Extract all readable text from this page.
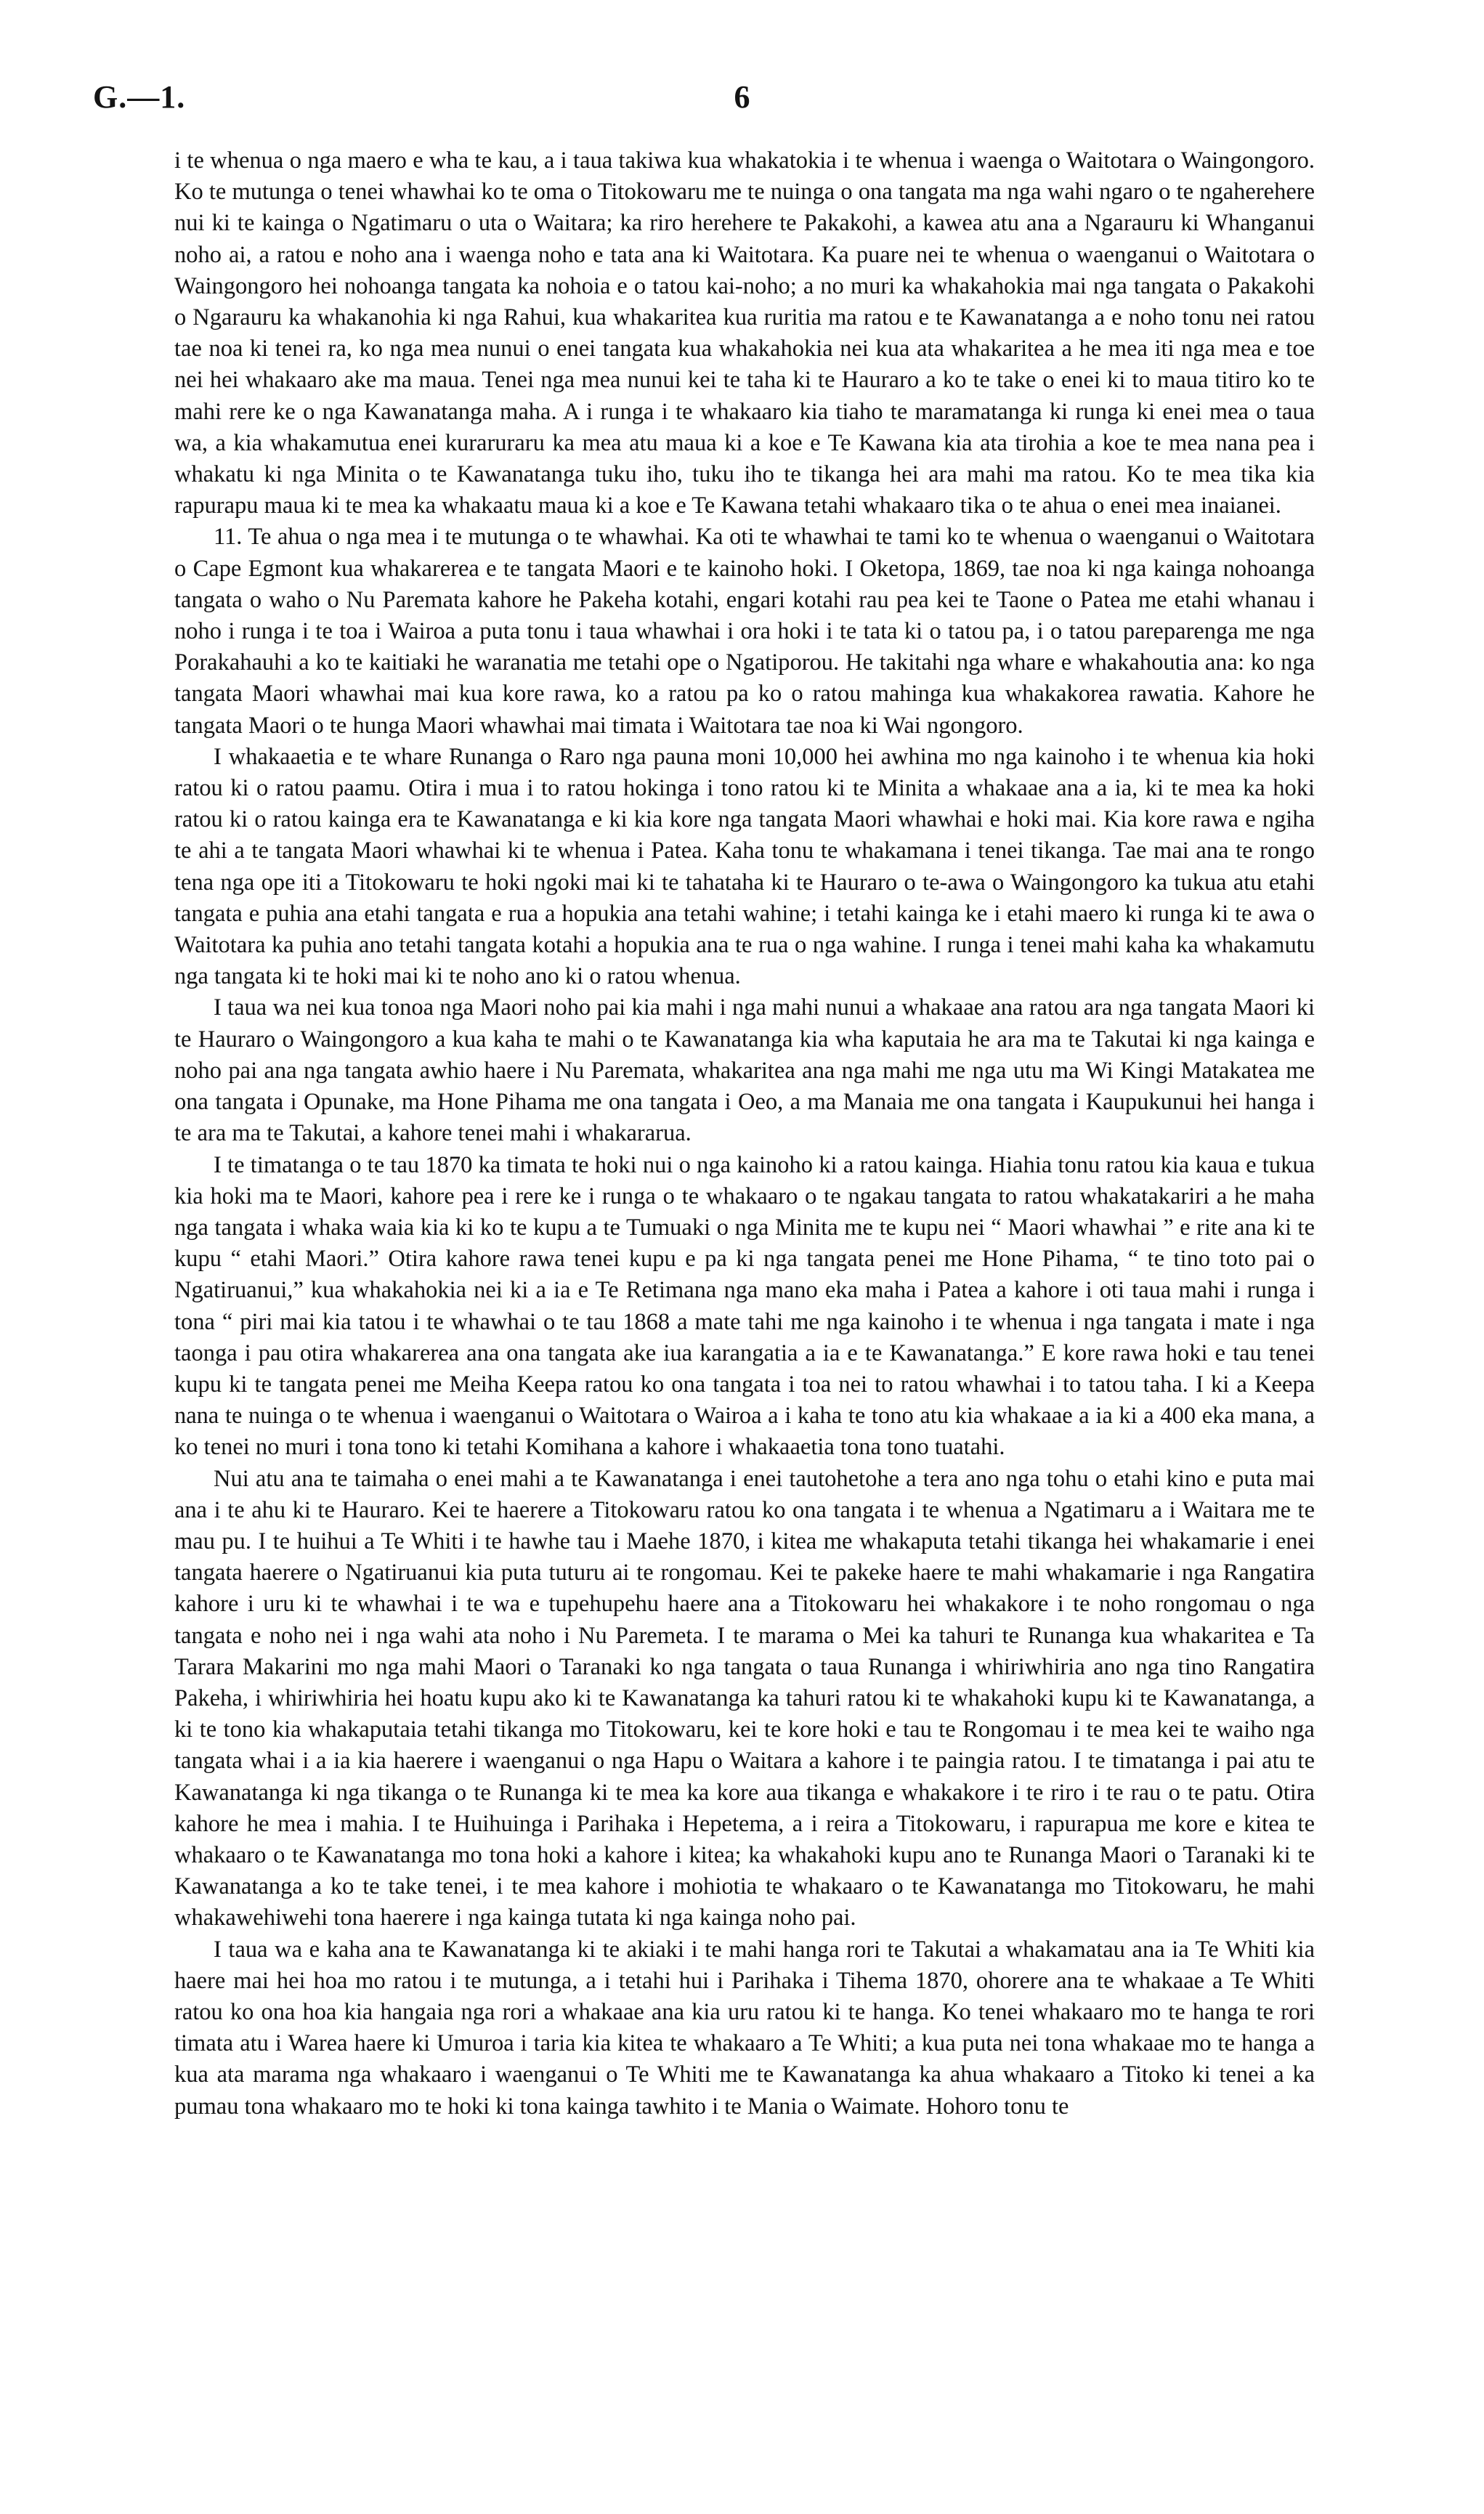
G.—1.	6

i te whenua o nga maero e wha te kau, a i taua takiwa kua whakatokia i te whenua i waenga o Waitotara o Waingongoro. Ko te mutunga o tenei whawhai ko te oma o Titokowaru me te nuinga o ona tangata ma nga wahi ngaro o te ngaherehere nui ki te kainga o Ngatimaru o uta o Waitara; ka riro herehere te Pakakohi, a kawea atu ana a Ngarauru ki Whanganui noho ai, a ratou e noho ana i waenga noho e tata ana ki Waitotara. Ka puare nei te whenua o waenganui o Waitotara o Waingongoro hei nohoanga tangata ka nohoia e o tatou kai-noho; a no muri ka whakahokia mai nga tangata o Pakakohi o Ngarauru ka whakanohia ki nga Rahui, kua whakaritea kua ruritia ma ratou e te Kawanatanga a e noho tonu nei ratou tae noa ki tenei ra, ko nga mea nunui o enei tangata kua whakahokia nei kua ata whakaritea a he mea iti nga mea e toe nei hei whakaaro ake ma maua. Tenei nga mea nunui kei te taha ki te Hauraro a ko te take o enei ki to maua titiro ko te mahi rere ke o nga Kawanatanga maha. A i runga i te whakaaro kia tiaho te maramatanga ki runga ki enei mea o taua wa, a kia whakamutua enei kuraruraru ka mea atu maua ki a koe e Te Kawana kia ata tirohia a koe te mea nana pea i whakatu ki nga Minita o te Kawanatanga tuku iho, tuku iho te tikanga hei ara mahi ma ratou. Ko te mea tika kia rapurapu maua ki te mea ka whakaatu maua ki a koe e Te Kawana tetahi whakaaro tika o te ahua o enei mea inaianei.

11. Te ahua o nga mea i te mutunga o te whawhai. Ka oti te whawhai te tami ko te whenua o waenganui o Waitotara o Cape Egmont kua whakarerea e te tangata Maori e te kainoho hoki. I Oketopa, 1869, tae noa ki nga kainga nohoanga tangata o waho o Nu Paremata kahore he Pakeha kotahi, engari kotahi rau pea kei te Taone o Patea me etahi whanau i noho i runga i te toa i Wairoa a puta tonu i taua whawhai i ora hoki i te tata ki o tatou pa, i o tatou pareparenga me nga Porakahauhi a ko te kaitiaki he waranatia me tetahi ope o Ngatiporou. He takitahi nga whare e whakahoutia ana: ko nga tangata Maori whawhai mai kua kore rawa, ko a ratou pa ko o ratou mahinga kua whakakorea rawatia. Kahore he tangata Maori o te hunga Maori whawhai mai timata i Waitotara tae noa ki Wai ngongoro.

I whakaaetia e te whare Runanga o Raro nga pauna moni 10,000 hei awhina mo nga kainoho i te whenua kia hoki ratou ki o ratou paamu. Otira i mua i to ratou hokinga i tono ratou ki te Minita a whakaae ana a ia, ki te mea ka hoki ratou ki o ratou kainga era te Kawanatanga e ki kia kore nga tangata Maori whawhai e hoki mai. Kia kore rawa e ngiha te ahi a te tangata Maori whawhai ki te whenua i Patea. Kaha tonu te whakamana i tenei tikanga. Tae mai ana te rongo tena nga ope iti a Titokowaru te hoki ngoki mai ki te tahataha ki te Hauraro o te-awa o Waingongoro ka tukua atu etahi tangata e puhia ana etahi tangata e rua a hopukia ana tetahi wahine; i tetahi kainga ke i etahi maero ki runga ki te awa o Waitotara ka puhia ano tetahi tangata kotahi a hopukia ana te rua o nga wahine. I runga i tenei mahi kaha ka whakamutu nga tangata ki te hoki mai ki te noho ano ki o ratou whenua.

I taua wa nei kua tonoa nga Maori noho pai kia mahi i nga mahi nunui a whakaae ana ratou ara nga tangata Maori ki te Hauraro o Waingongoro a kua kaha te mahi o te Kawanatanga kia wha kaputaia he ara ma te Takutai ki nga kainga e noho pai ana nga tangata awhio haere i Nu Paremata, whakaritea ana nga mahi me nga utu ma Wi Kingi Matakatea me ona tangata i Opunake, ma Hone Pihama me ona tangata i Oeo, a ma Manaia me ona tangata i Kaupukunui hei hanga i te ara ma te Takutai, a kahore tenei mahi i whakararua.

I te timatanga o te tau 1870 ka timata te hoki nui o nga kainoho ki a ratou kainga. Hiahia tonu ratou kia kaua e tukua kia hoki ma te Maori, kahore pea i rere ke i runga o te whakaaro o te ngakau tangata to ratou whakatakariri a he maha nga tangata i whaka waia kia ki ko te kupu a te Tumuaki o nga Minita me te kupu nei “ Maori whawhai ” e rite ana ki te kupu “ etahi Maori.” Otira kahore rawa tenei kupu e pa ki nga tangata penei me Hone Pihama, “ te tino toto pai o Ngatiruanui,” kua whakahokia nei ki a ia e Te Retimana nga mano eka maha i Patea a kahore i oti taua mahi i runga i tona “ piri mai kia tatou i te whawhai o te tau 1868 a mate tahi me nga kainoho i te whenua i nga tangata i mate i nga taonga i pau otira whakarerea ana ona tangata ake iua karangatia a ia e te Kawanatanga.” E kore rawa hoki e tau tenei kupu ki te tangata penei me Meiha Keepa ratou ko ona tangata i toa nei to ratou whawhai i to tatou taha. I ki a Keepa nana te nuinga o te whenua i waenganui o Waitotara o Wairoa a i kaha te tono atu kia whakaae a ia ki a 400 eka mana, a ko tenei no muri i tona tono ki tetahi Komihana a kahore i whakaaetia tona tono tuatahi.

Nui atu ana te taimaha o enei mahi a te Kawanatanga i enei tautohetohe a tera ano nga tohu o etahi kino e puta mai ana i te ahu ki te Hauraro. Kei te haerere a Titokowaru ratou ko ona tangata i te whenua a Ngatimaru a i Waitara me te mau pu. I te huihui a Te Whiti i te hawhe tau i Maehe 1870, i kitea me whakaputa tetahi tikanga hei whakamarie i enei tangata haerere o Ngatiruanui kia puta tuturu ai te rongomau. Kei te pakeke haere te mahi whakamarie i nga Rangatira kahore i uru ki te whawhai i te wa e tupehupehu haere ana a Titokowaru hei whakakore i te noho rongomau o nga tangata e noho nei i nga wahi ata noho i Nu Paremeta. I te marama o Mei ka tahuri te Runanga kua whakaritea e Ta Tarara Makarini mo nga mahi Maori o Taranaki ko nga tangata o taua Runanga i whiriwhiria ano nga tino Rangatira Pakeha, i whiriwhiria hei hoatu kupu ako ki te Kawanatanga ka tahuri ratou ki te whakahoki kupu ki te Kawanatanga, a ki te tono kia whakaputaia tetahi tikanga mo Titokowaru, kei te kore hoki e tau te Rongomau i te mea kei te waiho nga tangata whai i a ia kia haerere i waenganui o nga Hapu o Waitara a kahore i te paingia ratou. I te timatanga i pai atu te Kawanatanga ki nga tikanga o te Runanga ki te mea ka kore aua tikanga e whakakore i te riro i te rau o te patu. Otira kahore he mea i mahia. I te Huihuinga i Parihaka i Hepetema, a i reira a Titokowaru, i rapurapua me kore e kitea te whakaaro o te Kawanatanga mo tona hoki a kahore i kitea; ka whakahoki kupu ano te Runanga Maori o Taranaki ki te Kawanatanga a ko te take tenei, i te mea kahore i mohiotia te whakaaro o te Kawanatanga mo Titokowaru, he mahi whakawehiwehi tona haerere i nga kainga tutata ki nga kainga noho pai.

I taua wa e kaha ana te Kawanatanga ki te akiaki i te mahi hanga rori te Takutai a whakamatau ana ia Te Whiti kia haere mai hei hoa mo ratou i te mutunga, a i tetahi hui i Parihaka i Tihema 1870, ohorere ana te whakaae a Te Whiti ratou ko ona hoa kia hangaia nga rori a whakaae ana kia uru ratou ki te hanga. Ko tenei whakaaro mo te hanga te rori timata atu i Warea haere ki Umuroa i taria kia kitea te whakaaro a Te Whiti; a kua puta nei tona whakaae mo te hanga a kua ata marama nga whakaaro i waenganui o Te Whiti me te Kawanatanga ka ahua whakaaro a Titoko ki tenei a ka pumau tona whakaaro mo te hoki ki tona kainga tawhito i te Mania o Waimate. Hohoro tonu te
